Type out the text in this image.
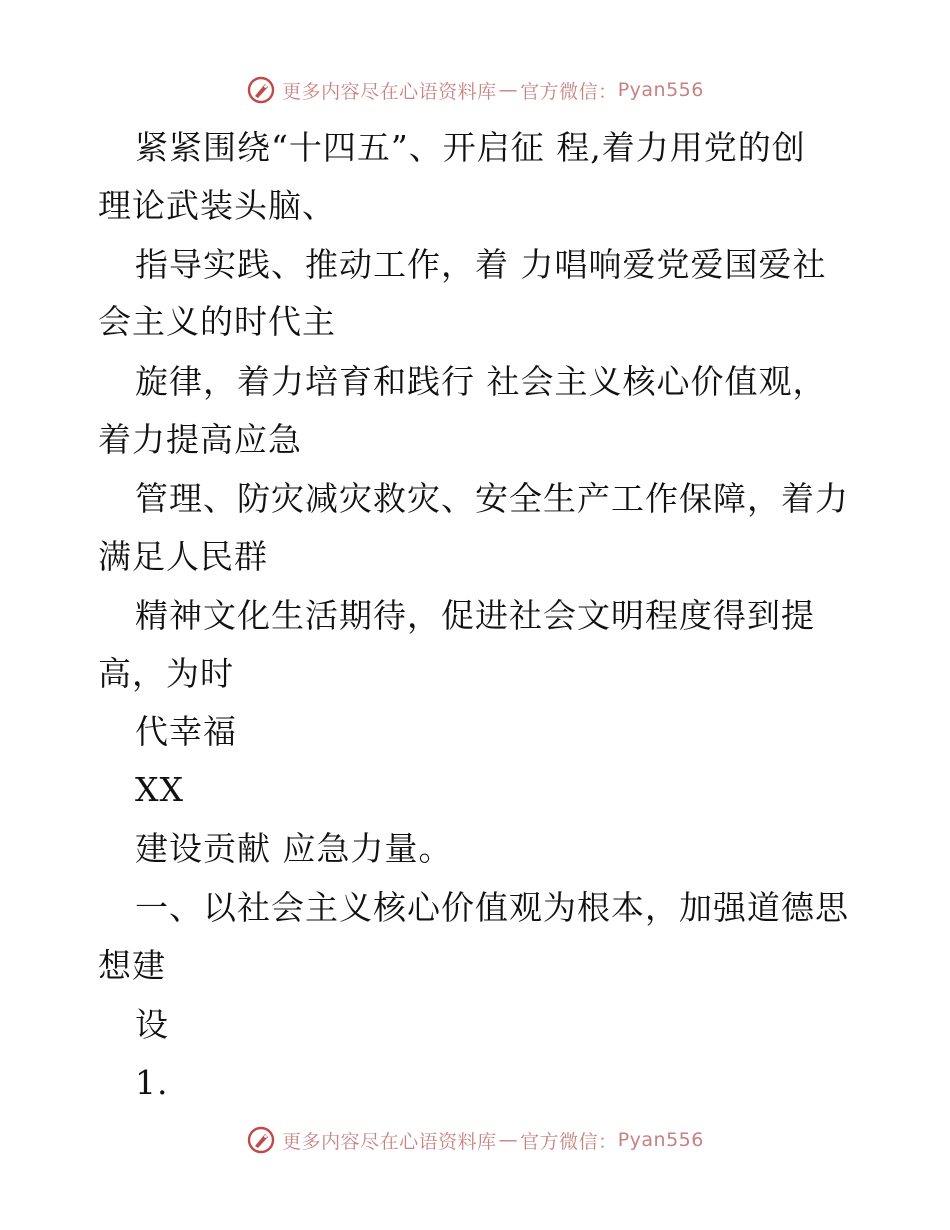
更多内容尽在心语资料库 — 官方微信： Pyan556
紧紧围绕“十四五”、开启征 程,着力用党的创
理论武装头脑、
指导实践、推动工作，着 力唱响爱党爱国爱社
会主义的时代主
旋律，着力培育和践行 社会主义核心价值观，
着力提高应急
管理、防灾减灾救灾、安全生产工作保障，着力
满足人民群
精神文化生活期待，促进社会文明程度得到提
高，为时
代幸福
XX
建设贡献 应急力量。
一、以社会主义核心价值观为根本，加强道德思
想建
设
1.
更多内容尽在心语资料库 — 官方微信： Pyan556
